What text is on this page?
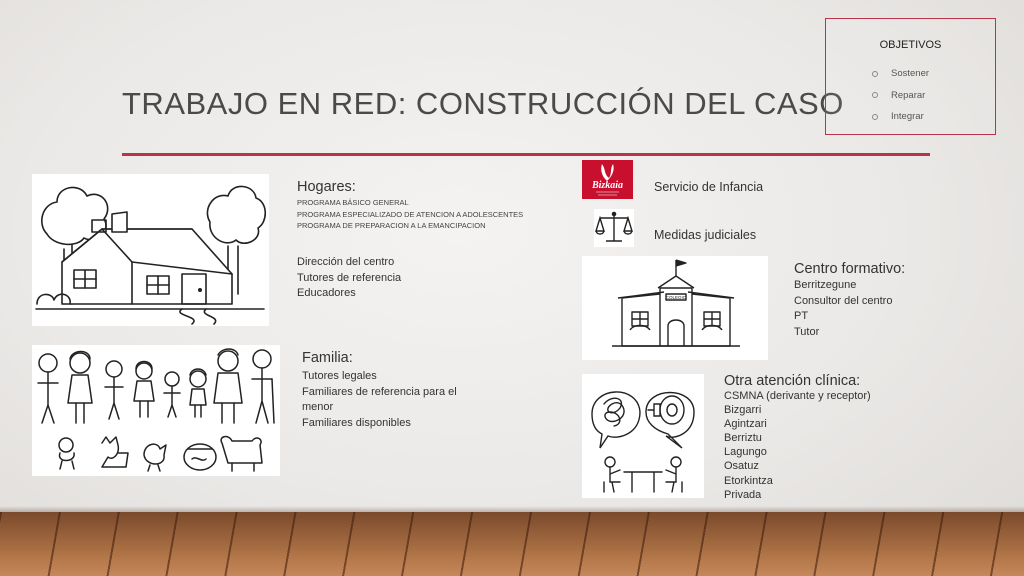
TRABAJO EN RED: CONSTRUCCIÓN DEL CASO
OBJETIVOS
Sostener
Reparar
Integrar
Hogares:
PROGRAMA BÁSICO GENERAL
PROGRAMA ESPECIALIZADO DE ATENCION A ADOLESCENTES
PROGRAMA DE PREPARACION A LA EMANCIPACION
Dirección del centro
Tutores de referencia
Educadores
Familia:
Tutores legales
Familiares de referencia para el menor
Familiares disponibles
Bizkaia Servicio de Infancia
Medidas judiciales
COLEGIO
Centro formativo:
Berritzegune
Consultor del centro
PT
Tutor
Otra atención clínica:
CSMNA (derivante y receptor)
Bizgarri
Agintzari
Berriztu
Lagungo
Osatuz
Etorkintza
Privada
